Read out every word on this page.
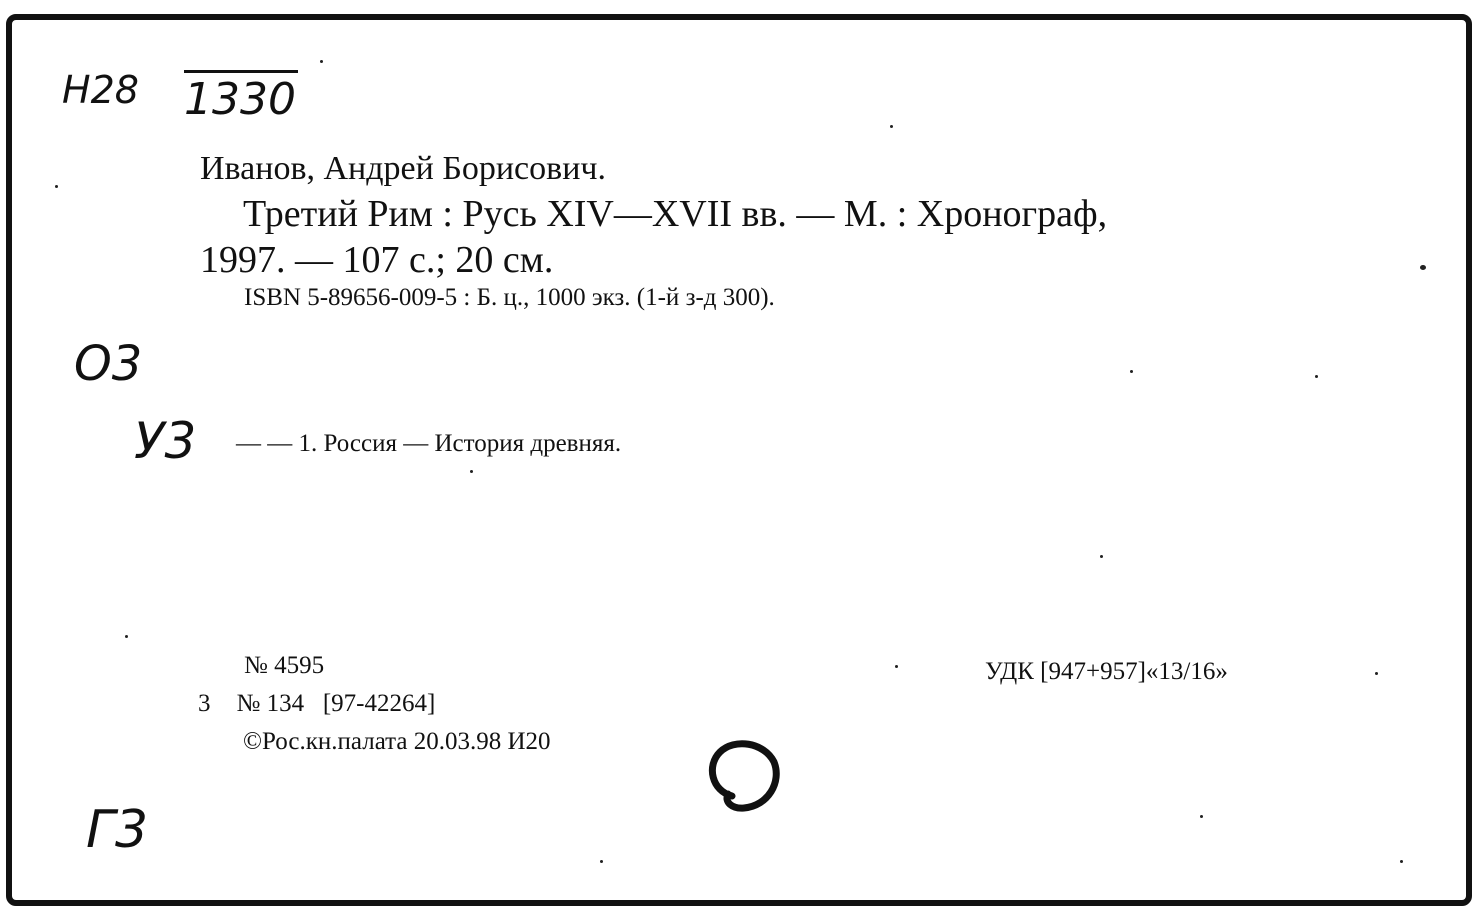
Иванов, Андрей Борисович.
Третий Рим : Русь XIV—XVII вв. — М. : Хронограф,
1997. — 107 с.; 20 см.
ISBN 5-89656-009-5 : Б. ц., 1000 экз. (1-й з-д 300).
— — 1. Россия — История древняя.
№ 4595
3 № 134 [97-42264]
©Рос.кн.палата 20.03.98 И20
УДК [947+957]«13/16»
Н28 1330
О3
У3
Г3
